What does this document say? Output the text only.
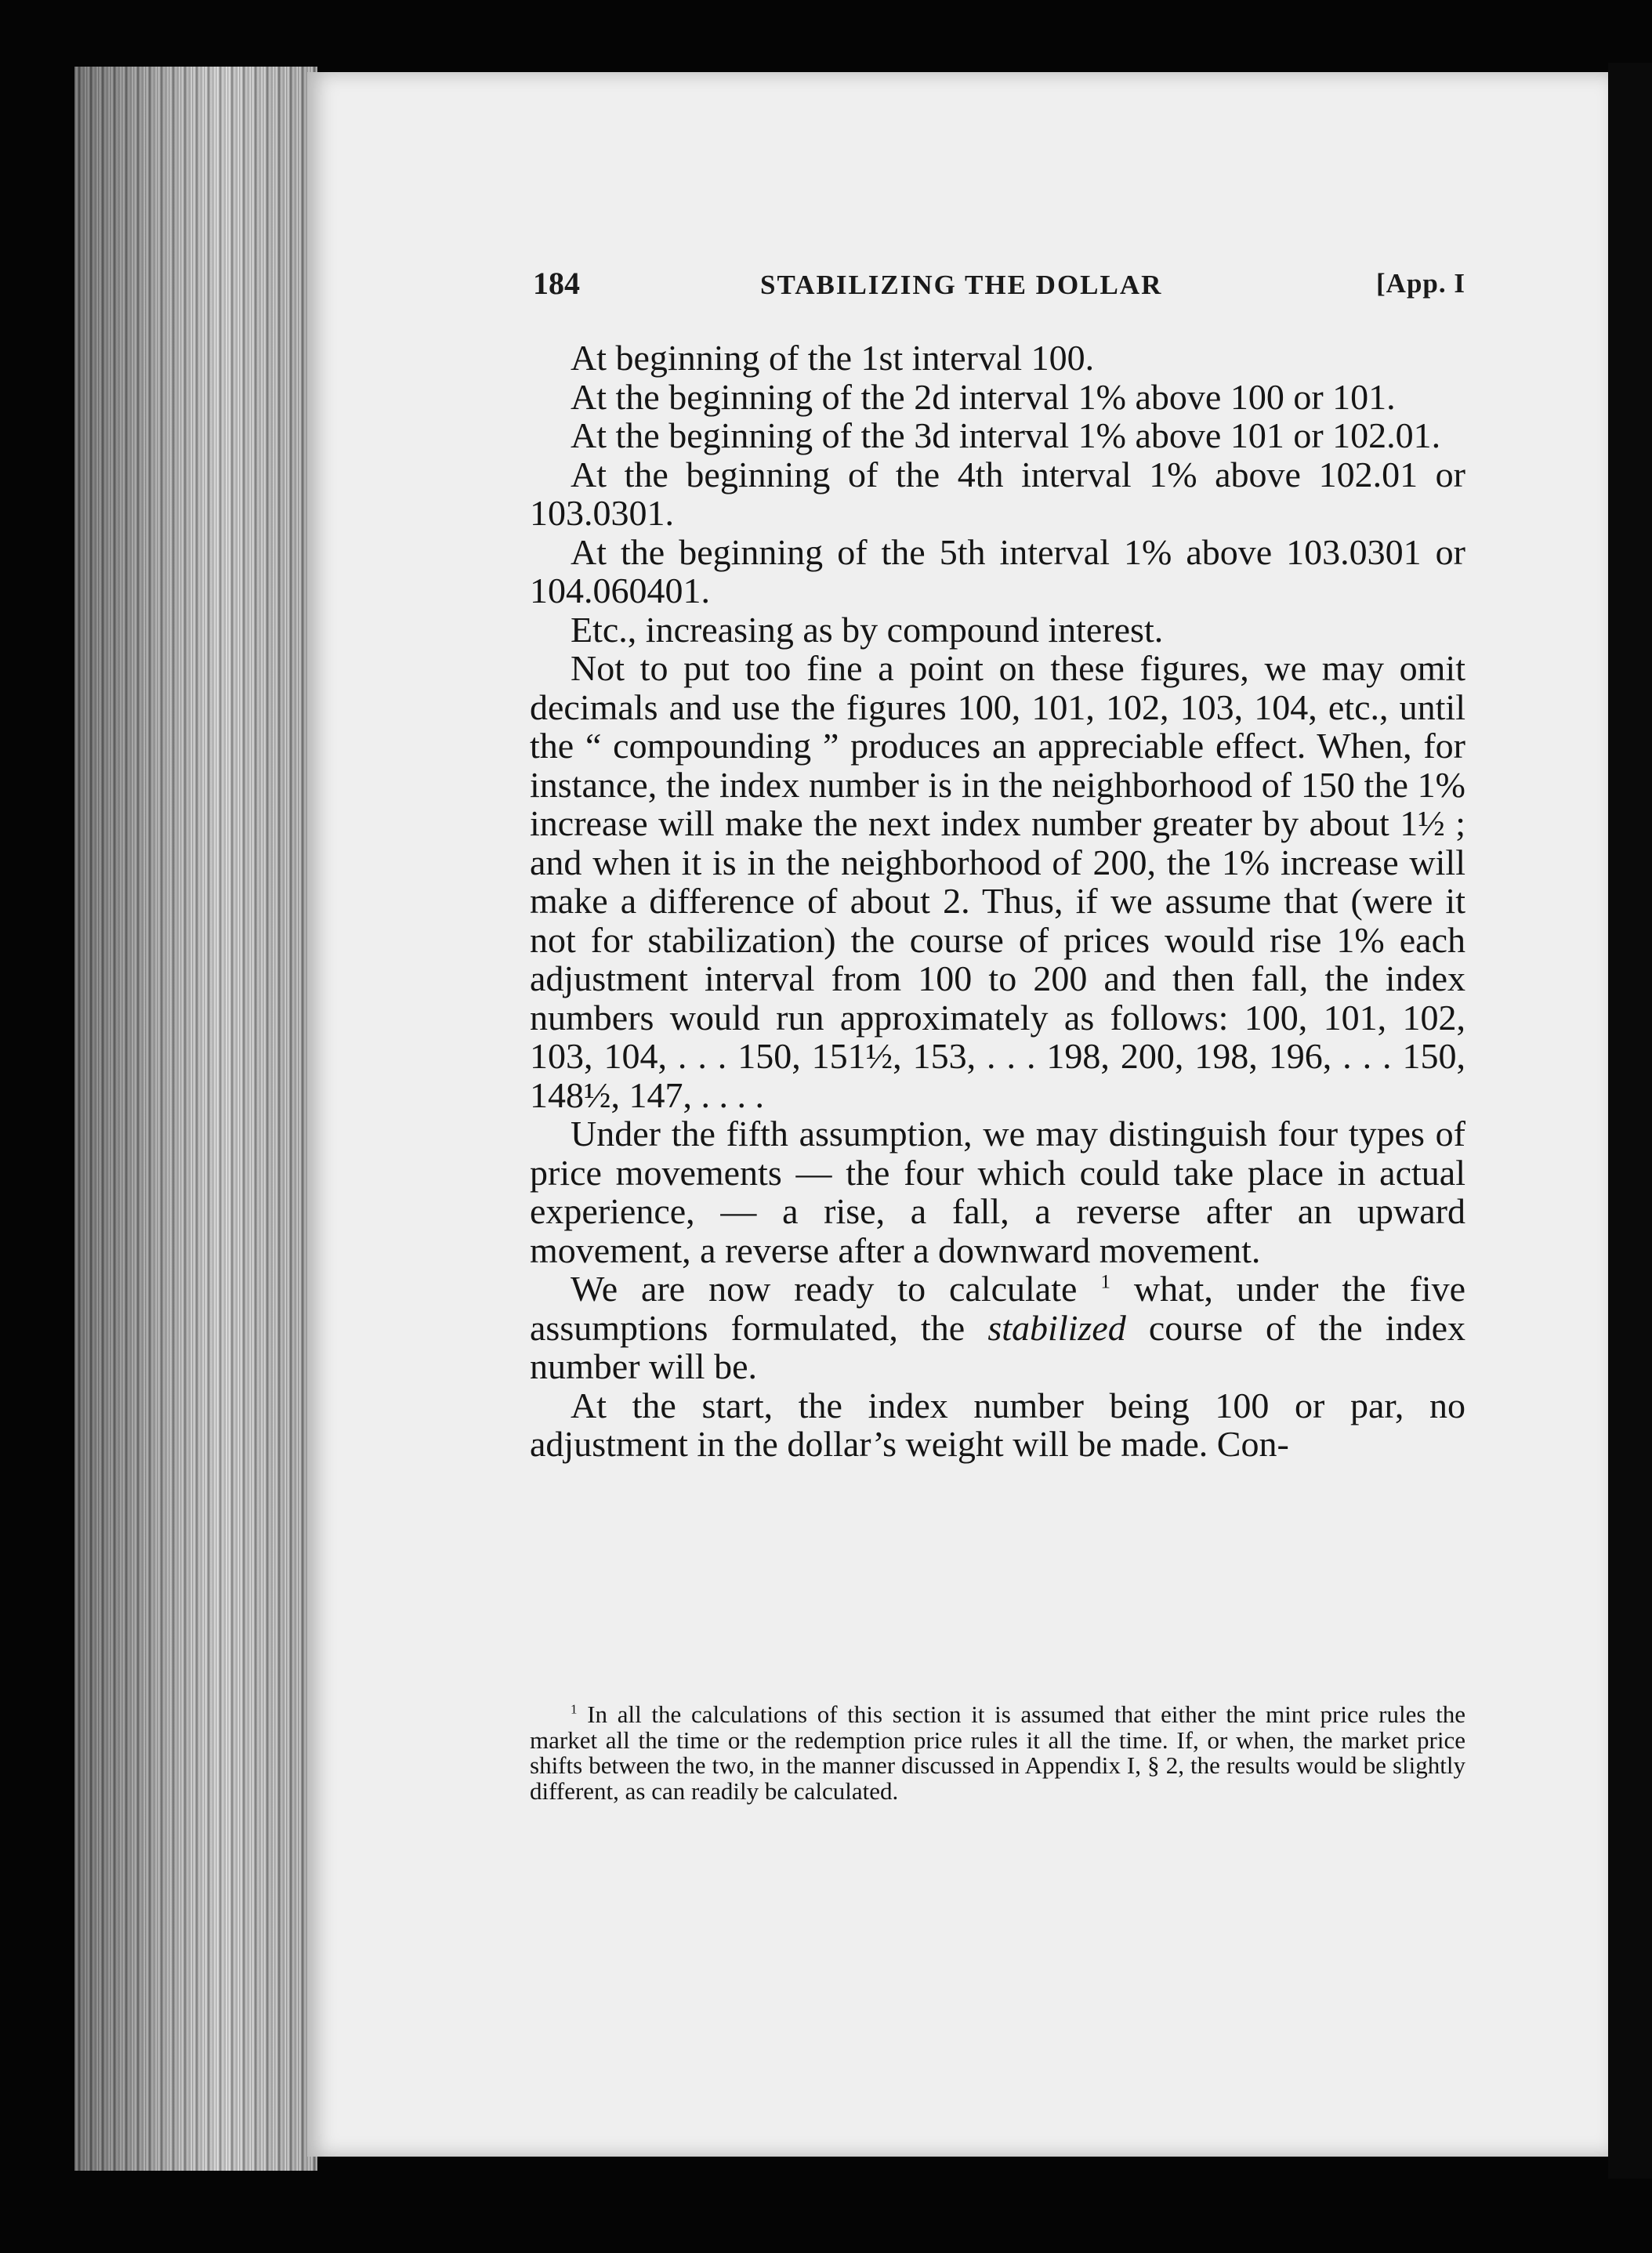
184	STABILIZING THE DOLLAR	[App. I

At beginning of the 1st interval 100.

At the beginning of the 2d interval 1% above 100 or 101.

At the beginning of the 3d interval 1% above 101 or 102.01.

At the beginning of the 4th interval 1% above 102.01 or 103.0301.

At the beginning of the 5th interval 1% above 103.0301 or 104.060401.

Etc., increasing as by compound interest.

Not to put too fine a point on these figures, we may omit decimals and use the figures 100, 101, 102, 103, 104, etc., until the “ compounding ” produces an appreciable effect. When, for instance, the index number is in the neighborhood of 150 the 1% increase will make the next index number greater by about 1½ ; and when it is in the neighborhood of 200, the 1% increase will make a difference of about 2. Thus, if we assume that (were it not for stabilization) the course of prices would rise 1% each adjustment interval from 100 to 200 and then fall, the index numbers would run approximately as follows: 100, 101, 102, 103, 104, . . . 150, 151½, 153, . . . 198, 200, 198, 196, . . . 150, 148½, 147, . . . .

Under the fifth assumption, we may distinguish four types of price movements — the four which could take place in actual experience, — a rise, a fall, a reverse after an upward movement, a reverse after a downward movement.

We are now ready to calculate $^1$ what, under the five assumptions formulated, the stabilized course of the index number will be.

At the start, the index number being 100 or par, no adjustment in the dollar’s weight will be made. Con-

$^1$ In all the calculations of this section it is assumed that either the mint price rules the market all the time or the redemption price rules it all the time. If, or when, the market price shifts between the two, in the manner discussed in Appendix I, § 2, the results would be slightly different, as can readily be calculated.
